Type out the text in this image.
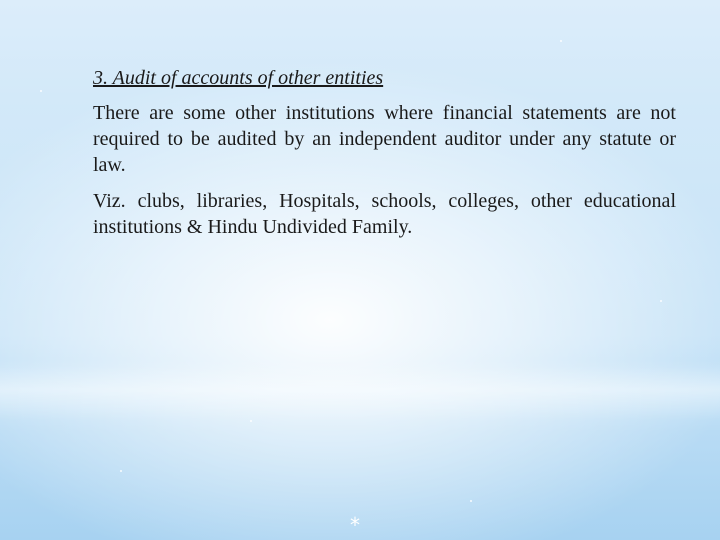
3. Audit of accounts of other entities

There are some other institutions where financial statements are not required to be audited by an independent auditor under any statute or law.

Viz. clubs, libraries, Hospitals, schools, colleges, other educational institutions & Hindu Undivided Family.

*
